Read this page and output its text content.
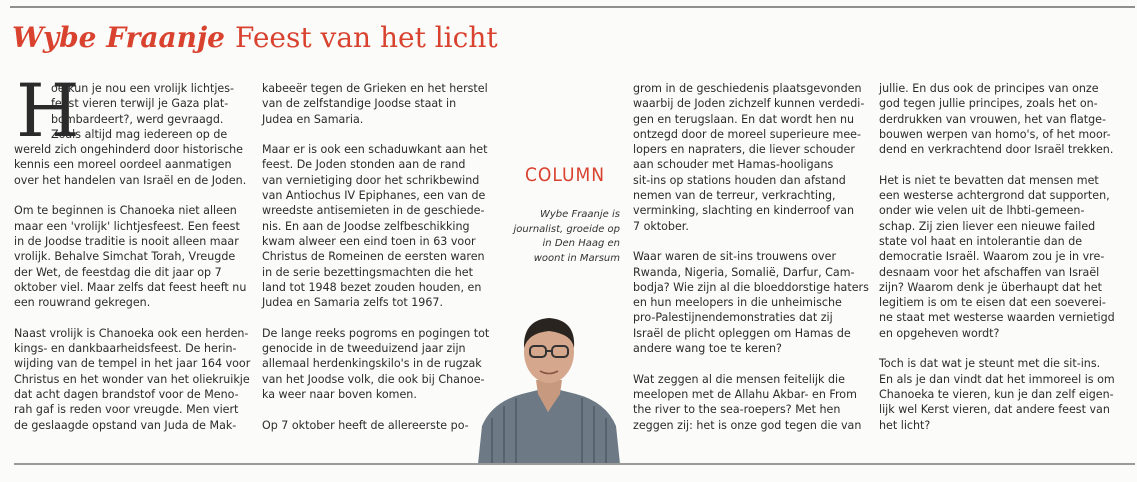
Wybe Fraanje Feest van het licht

H
oe kun je nou een vrolijk lichtjes-
feest vieren terwijl je Gaza plat-
bombardeert?, werd gevraagd.
Zoals altijd mag iedereen op de
wereld zich ongehinderd door historische
kennis een moreel oordeel aanmatigen
over het handelen van Israël en de Joden.

Om te beginnen is Chanoeka niet alleen
maar een 'vrolijk' lichtjesfeest. Een feest
in de Joodse traditie is nooit alleen maar
vrolijk. Behalve Simchat Torah, Vreugde
der Wet, de feestdag die dit jaar op 7
oktober viel. Maar zelfs dat feest heeft nu
een rouwrand gekregen.

Naast vrolijk is Chanoeka ook een herden-
kings- en dankbaarheidsfeest. De herin-
wijding van de tempel in het jaar 164 voor
Christus en het wonder van het oliekruikje
dat acht dagen brandstof voor de Meno-
rah gaf is reden voor vreugde. Men viert
de geslaagde opstand van Juda de Mak-

kabeeër tegen de Grieken en het herstel
van de zelfstandige Joodse staat in
Judea en Samaria.

Maar er is ook een schaduwkant aan het
feest. De Joden stonden aan de rand
van vernietiging door het schrikbewind
van Antiochus IV Epiphanes, een van de
wreedste antisemieten in de geschiede-
nis. En aan de Joodse zelfbeschikking
kwam alweer een eind toen in 63 voor
Christus de Romeinen de eersten waren
in de serie bezettingsmachten die het
land tot 1948 bezet zouden houden, en
Judea en Samaria zelfs tot 1967.

De lange reeks pogroms en pogingen tot
genocide in de tweeduizend jaar zijn
allemaal herdenkingskilo's in de rugzak
van het Joodse volk, die ook bij Chanoe-
ka weer naar boven komen.

Op 7 oktober heeft de allereerste po-

COLUMN
Wybe Fraanje is
journalist, groeide op
in Den Haag en
woont in Marsum

grom in de geschiedenis plaatsgevonden
waarbij de Joden zichzelf kunnen verdedi-
gen en terugslaan. En dat wordt hen nu
ontzegd door de moreel superieure mee-
lopers en napraters, die liever schouder
aan schouder met Hamas-hooligans
sit-ins op stations houden dan afstand
nemen van de terreur, verkrachting,
verminking, slachting en kinderroof van
7 oktober.

Waar waren de sit-ins trouwens over
Rwanda, Nigeria, Somalië, Darfur, Cam-
bodja? Wie zijn al die bloeddorstige haters
en hun meelopers in die unheimische
pro-Palestijnendemonstraties dat zij
Israël de plicht opleggen om Hamas de
andere wang toe te keren?

Wat zeggen al die mensen feitelijk die
meelopen met de Allahu Akbar- en From
the river to the sea-roepers? Met hen
zeggen zij: het is onze god tegen die van

jullie. En dus ook de principes van onze
god tegen jullie principes, zoals het on-
derdrukken van vrouwen, het van flatge-
bouwen werpen van homo's, of het moor-
dend en verkrachtend door Israël trekken.

Het is niet te bevatten dat mensen met
een westerse achtergrond dat supporten,
onder wie velen uit de lhbti-gemeen-
schap. Zij zien liever een nieuwe failed
state vol haat en intolerantie dan de
democratie Israël. Waarom zou je in vre-
desnaam voor het afschaffen van Israël
zijn? Waarom denk je überhaupt dat het
legitiem is om te eisen dat een soeverei-
ne staat met westerse waarden vernietigd
en opgeheven wordt?

Toch is dat wat je steunt met die sit-ins.
En als je dan vindt dat het immoreel is om
Chanoeka te vieren, kun je dan zelf eigen-
lijk wel Kerst vieren, dat andere feest van
het licht?
